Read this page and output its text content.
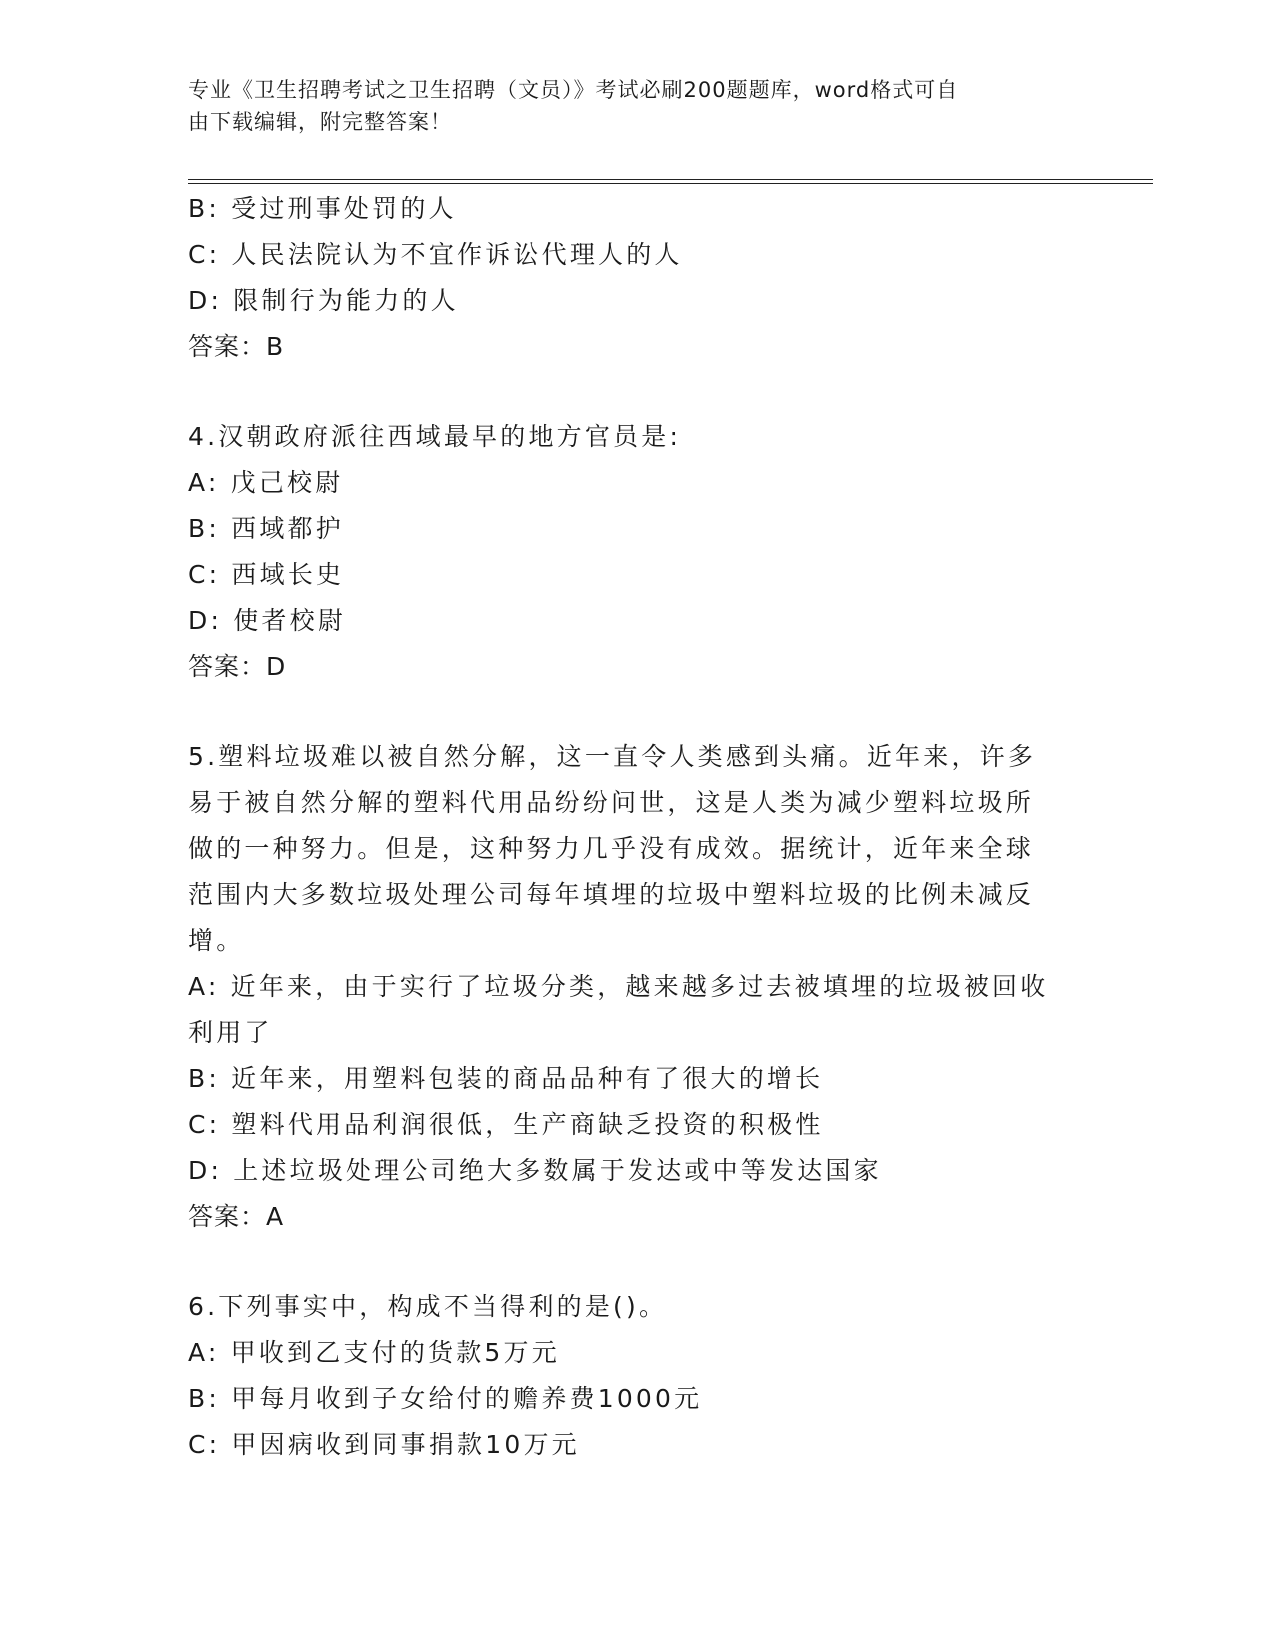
专业《卫生招聘考试之卫生招聘（文员）》考试必刷200题题库，word格式可自
由下载编辑，附完整答案！
B: 受过刑事处罚的人
C: 人民法院认为不宜作诉讼代理人的人
D: 限制行为能力的人
答案：B
4.汉朝政府派往西域最早的地方官员是:
A: 戊己校尉
B: 西域都护
C: 西域长史
D: 使者校尉
答案：D
5.塑料垃圾难以被自然分解，这一直令人类感到头痛。近年来，许多
易于被自然分解的塑料代用品纷纷问世，这是人类为减少塑料垃圾所
做的一种努力。但是，这种努力几乎没有成效。据统计，近年来全球
范围内大多数垃圾处理公司每年填埋的垃圾中塑料垃圾的比例未减反
增。
A: 近年来，由于实行了垃圾分类，越来越多过去被填埋的垃圾被回收
利用了
B: 近年来，用塑料包装的商品品种有了很大的增长
C: 塑料代用品利润很低，生产商缺乏投资的积极性
D: 上述垃圾处理公司绝大多数属于发达或中等发达国家
答案：A
6.下列事实中，构成不当得利的是()。
A: 甲收到乙支付的货款5万元
B: 甲每月收到子女给付的赡养费1000元
C: 甲因病收到同事捐款10万元
